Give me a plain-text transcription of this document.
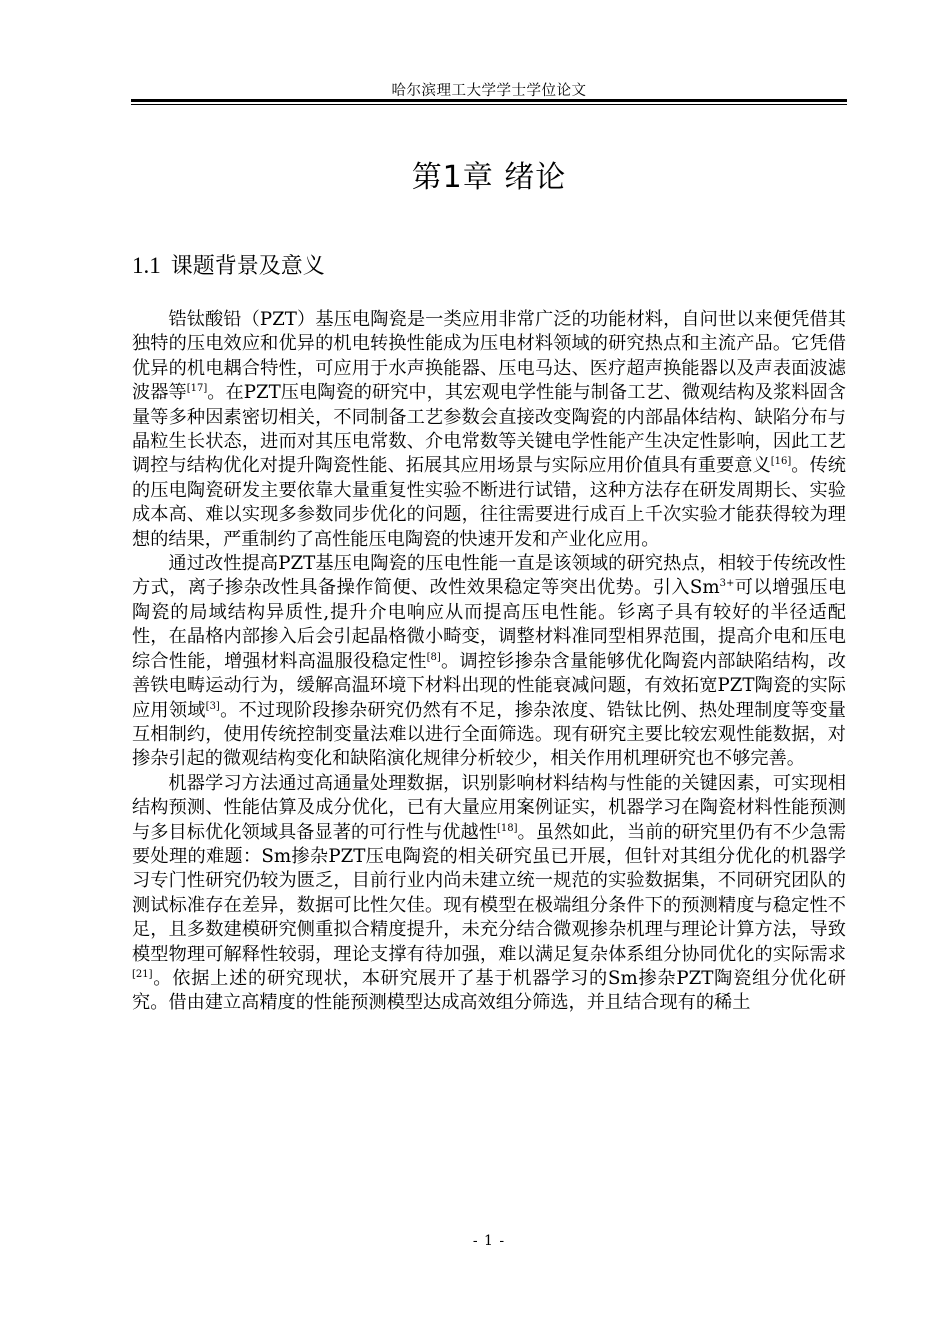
哈尔滨理工大学学士学位论文
第1章 绪论
1.1 课题背景及意义

锆钛酸铅（PZT）基压电陶瓷是一类应用非常广泛的功能材料，自问世以来便凭借其独特的压电效应和优异的机电转换性能成为压电材料领域的研究热点和主流产品。它凭借优异的机电耦合特性，可应用于水声换能器、压电马达、医疗超声换能器以及声表面波滤波器等[17]。在PZT压电陶瓷的研究中，其宏观电学性能与制备工艺、微观结构及浆料固含量等多种因素密切相关，不同制备工艺参数会直接改变陶瓷的内部晶体结构、缺陷分布与晶粒生长状态，进而对其压电常数、介电常数等关键电学性能产生决定性影响，因此工艺调控与结构优化对提升陶瓷性能、拓展其应用场景与实际应用价值具有重要意义[16]。传统的压电陶瓷研发主要依靠大量重复性实验不断进行试错，这种方法存在研发周期长、实验成本高、难以实现多参数同步优化的问题，往往需要进行成百上千次实验才能获得较为理想的结果，严重制约了高性能压电陶瓷的快速开发和产业化应用。

通过改性提高PZT基压电陶瓷的压电性能一直是该领域的研究热点，相较于传统改性方式，离子掺杂改性具备操作简便、改性效果稳定等突出优势。引入$Sm^{3+}$可以增强压电陶瓷的局域结构异质性,提升介电响应从而提高压电性能。钐离子具有较好的半径适配性，在晶格内部掺入后会引起晶格微小畸变，调整材料准同型相界范围，提高介电和压电综合性能，增强材料高温服役稳定性[8]。调控钐掺杂含量能够优化陶瓷内部缺陷结构，改善铁电畴运动行为，缓解高温环境下材料出现的性能衰减问题，有效拓宽PZT陶瓷的实际应用领域[3]。不过现阶段掺杂研究仍然有不足，掺杂浓度、锆钛比例、热处理制度等变量互相制约，使用传统控制变量法难以进行全面筛选。现有研究主要比较宏观性能数据，对掺杂引起的微观结构变化和缺陷演化规律分析较少，相关作用机理研究也不够完善。

机器学习方法通过高通量处理数据，识别影响材料结构与性能的关键因素，可实现相结构预测、性能估算及成分优化，已有大量应用案例证实，机器学习在陶瓷材料性能预测与多目标优化领域具备显著的可行性与优越性[18]。虽然如此，当前的研究里仍有不少急需要处理的难题：Sm掺杂PZT压电陶瓷的相关研究虽已开展，但针对其组分优化的机器学习专门性研究仍较为匮乏，目前行业内尚未建立统一规范的实验数据集，不同研究团队的测试标准存在差异，数据可比性欠佳。现有模型在极端组分条件下的预测精度与稳定性不足，且多数建模研究侧重拟合精度提升，未充分结合微观掺杂机理与理论计算方法，导致模型物理可解释性较弱，理论支撑有待加强，难以满足复杂体系组分协同优化的实际需求[21]。依据上述的研究现状，本研究展开了基于机器学习的Sm掺杂PZT陶瓷组分优化研究。借由建立高精度的性能预测模型达成高效组分筛选，并且结合现有的稀土

- 1 -
